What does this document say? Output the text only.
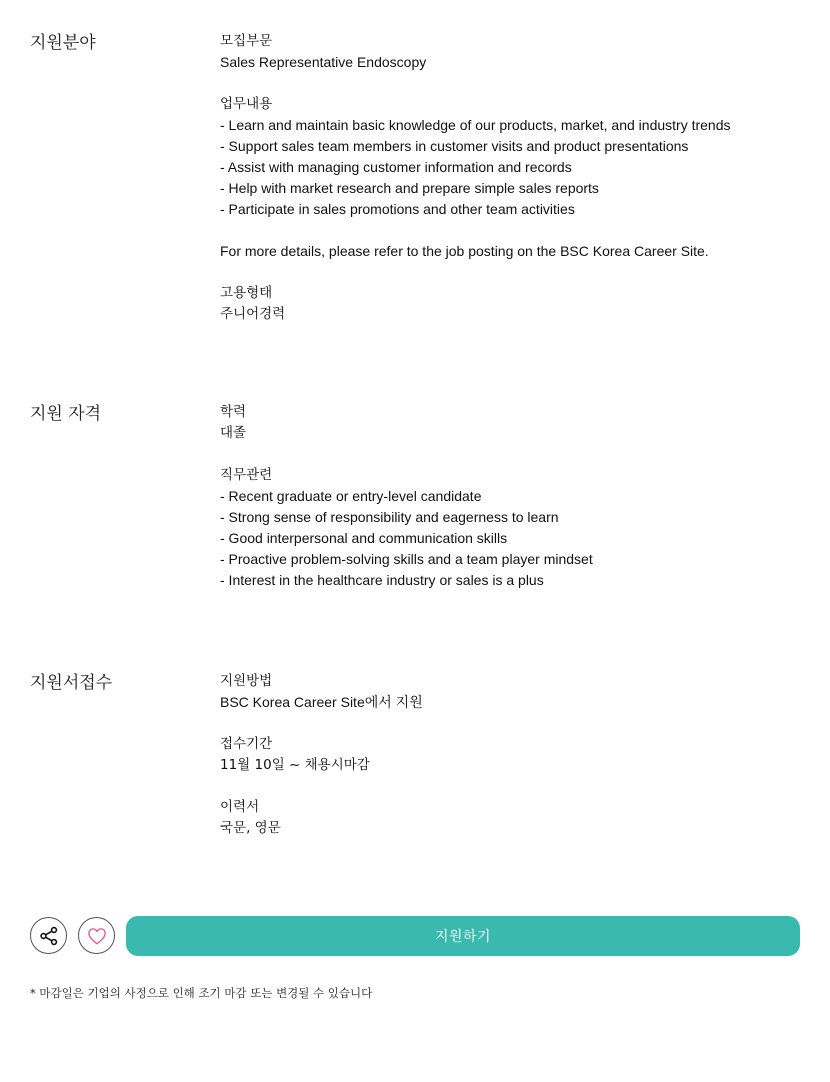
지원분야	모집부문
Sales Representative Endoscopy
업무내용
- Learn and maintain basic knowledge of our products, market, and industry trends
- Support sales team members in customer visits and product presentations
- Assist with managing customer information and records
- Help with market research and prepare simple sales reports
- Participate in sales promotions and other team activities
For more details, please refer to the job posting on the BSC Korea Career Site.
고용형태
주니어경력
지원 자격	학력
대졸
직무관련
- Recent graduate or entry-level candidate
- Strong sense of responsibility and eagerness to learn
- Good interpersonal and communication skills
- Proactive problem-solving skills and a team player mindset
- Interest in the healthcare industry or sales is a plus
지원서접수	지원방법
BSC Korea Career Site에서 지원
접수기간
11월 10일 ~ 채용시마감
이력서
국문, 영문
지원하기
* 마감일은 기업의 사정으로 인해 조기 마감 또는 변경될 수 있습니다
